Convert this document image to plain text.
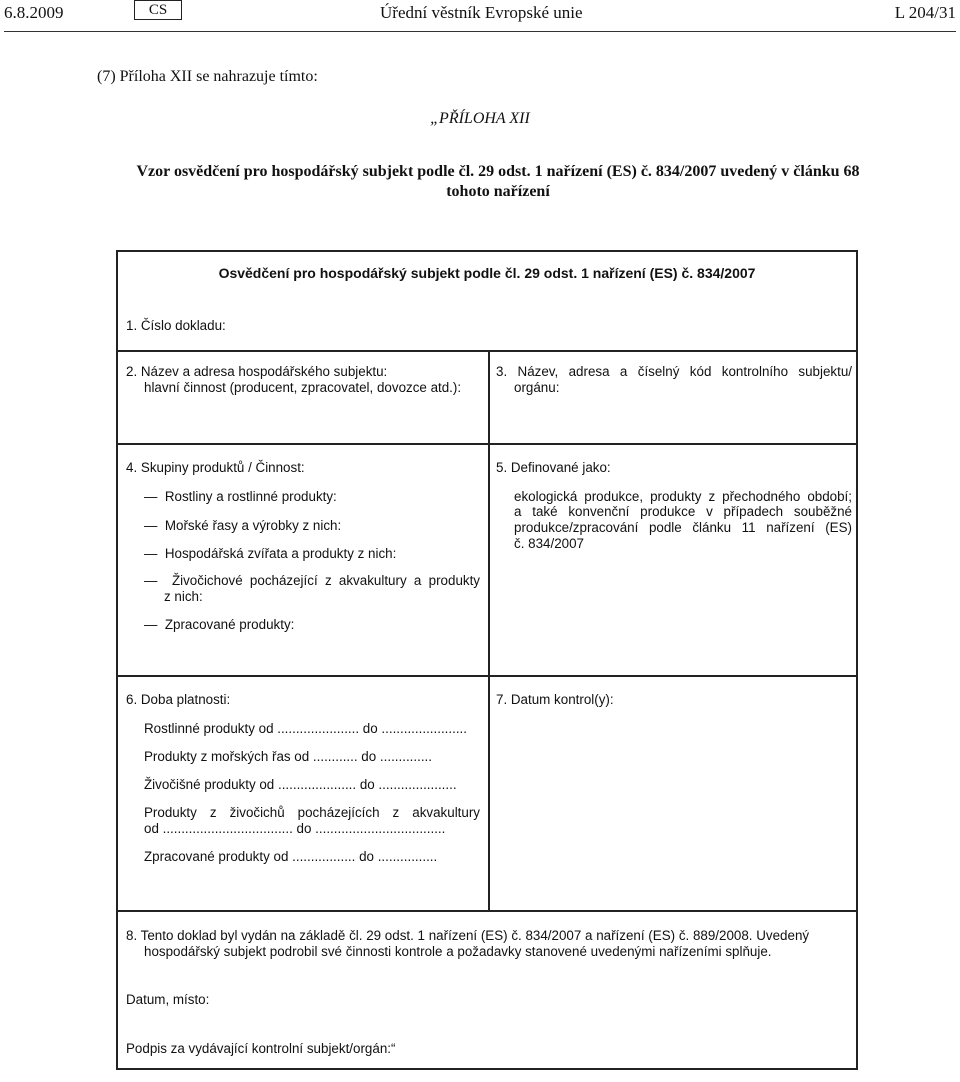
6.8.2009	CS	Úřední věstník Evropské unie	L 204/31
(7) Příloha XII se nahrazuje tímto:
„PŘÍLOHA XII
Vzor osvědčení pro hospodářský subjekt podle čl. 29 odst. 1 nařízení (ES) č. 834/2007 uvedený v článku 68 tohoto nařízení
Osvědčení pro hospodářský subjekt podle čl. 29 odst. 1 nařízení (ES) č. 834/2007
1. Číslo dokladu:
2. Název a adresa hospodářského subjektu:
hlavní činnost (producent, zpracovatel, dovozce atd.):
3. Název, adresa a číselný kód kontrolního subjektu/
orgánu:
4. Skupiny produktů / Činnost:
— Rostliny a rostlinné produkty:
— Mořské řasy a výrobky z nich:
— Hospodářská zvířata a produkty z nich:
— Živočichové pocházející z akvakultury a produkty
z nich:
— Zpracované produkty:
5. Definované jako:
ekologická produkce, produkty z přechodného období;
a také konvenční produkce v případech souběžné
produkce/zpracování podle článku 11 nařízení (ES)
č. 834/2007
6. Doba platnosti:
Rostlinné produkty od ...................... do .......................
Produkty z mořských řas od ............ do ..............
Živočišné produkty od ..................... do .....................
Produkty z živočichů pocházejících z akvakultury
od ................................... do ...................................
Zpracované produkty od ................. do ................
7. Datum kontrol(y):
8. Tento doklad byl vydán na základě čl. 29 odst. 1 nařízení (ES) č. 834/2007 a nařízení (ES) č. 889/2008. Uvedený
hospodářský subjekt podrobil své činnosti kontrole a požadavky stanovené uvedenými nařízeními splňuje.
Datum, místo:
Podpis za vydávající kontrolní subjekt/orgán:“
